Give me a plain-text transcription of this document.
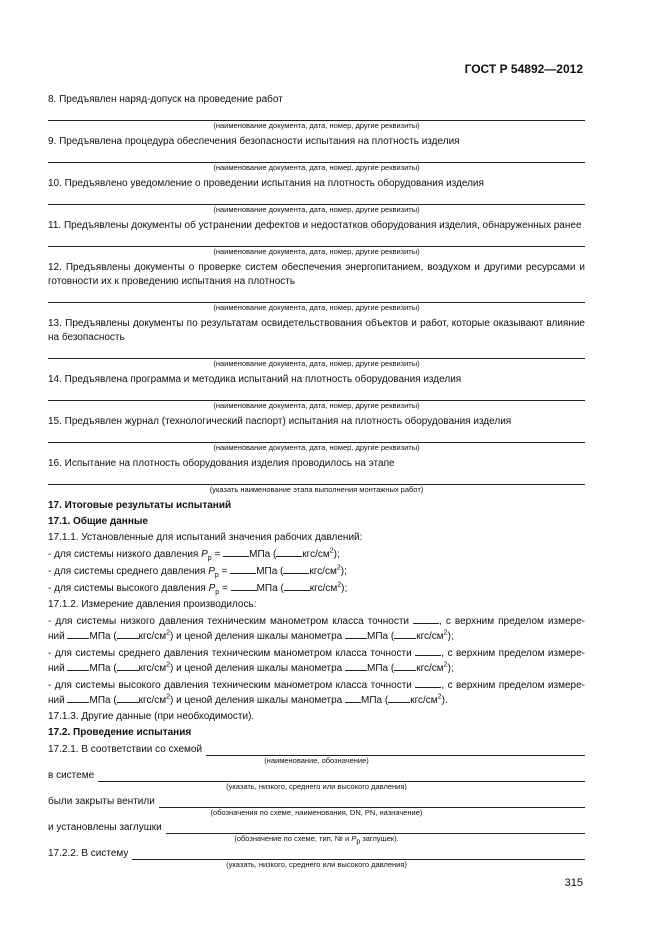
ГОСТ Р 54892—2012
8. Предъявлен наряд-допуск на проведение работ
(наименование документа, дата, номер, другие реквизиты)
9. Предъявлена процедура обеспечения безопасности испытания на плотность изделия
(наименование документа, дата, номер, другие реквизиты)
10. Предъявлено уведомление о проведении испытания на плотность оборудования изделия
(наименование документа, дата, номер, другие реквизиты)
11. Предъявлены документы об устранении дефектов и недостатков оборудования изделия, обнаруженных ранее
(наименование документа, дата, номер, другие реквизиты)
12. Предъявлены документы о проверке систем обеспечения энергопитанием, воздухом и другими ресурсами и готовности их к проведению испытания на плотность
(наименование документа, дата, номер, другие реквизиты)
13. Предъявлены документы по результатам освидетельствования объектов и работ, которые оказывают влияние на безопасность
(наименование документа, дата, номер, другие реквизиты)
14. Предъявлена программа и методика испытаний на плотность оборудования изделия
(наименование документа, дата, номер, другие реквизиты)
15. Предъявлен журнал (технологический паспорт) испытания на плотность оборудования изделия
(наименование документа, дата, номер, другие реквизиты)
16. Испытание на плотность оборудования изделия проводилось на этапе
(указать наименование этапа выполнения монтажных работ)
17. Итоговые результаты испытаний
17.1. Общие данные
17.1.1. Установленные для испытаний значения рабочих давлений:
- для системы низкого давления $P_р$ =	МПа (	кгс/$см^2$);
- для системы среднего давления $P_р$ =	МПа (	кгс/$см^2$);
- для системы высокого давления $P_р$ =	МПа (	кгс/$см^2$);
17.1.2. Измерение давления производилось:
- для системы низкого давления техническим манометром класса точности	, с верхним пределом измере- ний МПа ( кгс/$см^2$) и ценой деления шкалы манометра МПа ( кгс/$см^2$);
- для системы среднего давления техническим манометром класса точности	, с верхним пределом измере- ний МПа ( кгс/$см^2$) и ценой деления шкалы манометра МПа ( кгс/$см^2$);
- для системы высокого давления техническим манометром класса точности	, с верхним пределом измере- ний МПа ( кгс/$см^2$) и ценой деления шкалы манометра МПа ( кгс/$см^2$).
17.1.3. Другие данные (при необходимости).
17.2. Проведение испытания
17.2.1. В соответствии со схемой
(наименование, обозначение)
в системе
(указать, низкого, среднего или высокого давления)
были закрыты вентили
(обозначения по схеме, наименования, DN, PN, назначение)
и установлены заглушки
(обозначение по схеме, тип, № и $P_р$ заглушек).
17.2.2. В систему
(указать, низкого, среднего или высокого давления)
315
